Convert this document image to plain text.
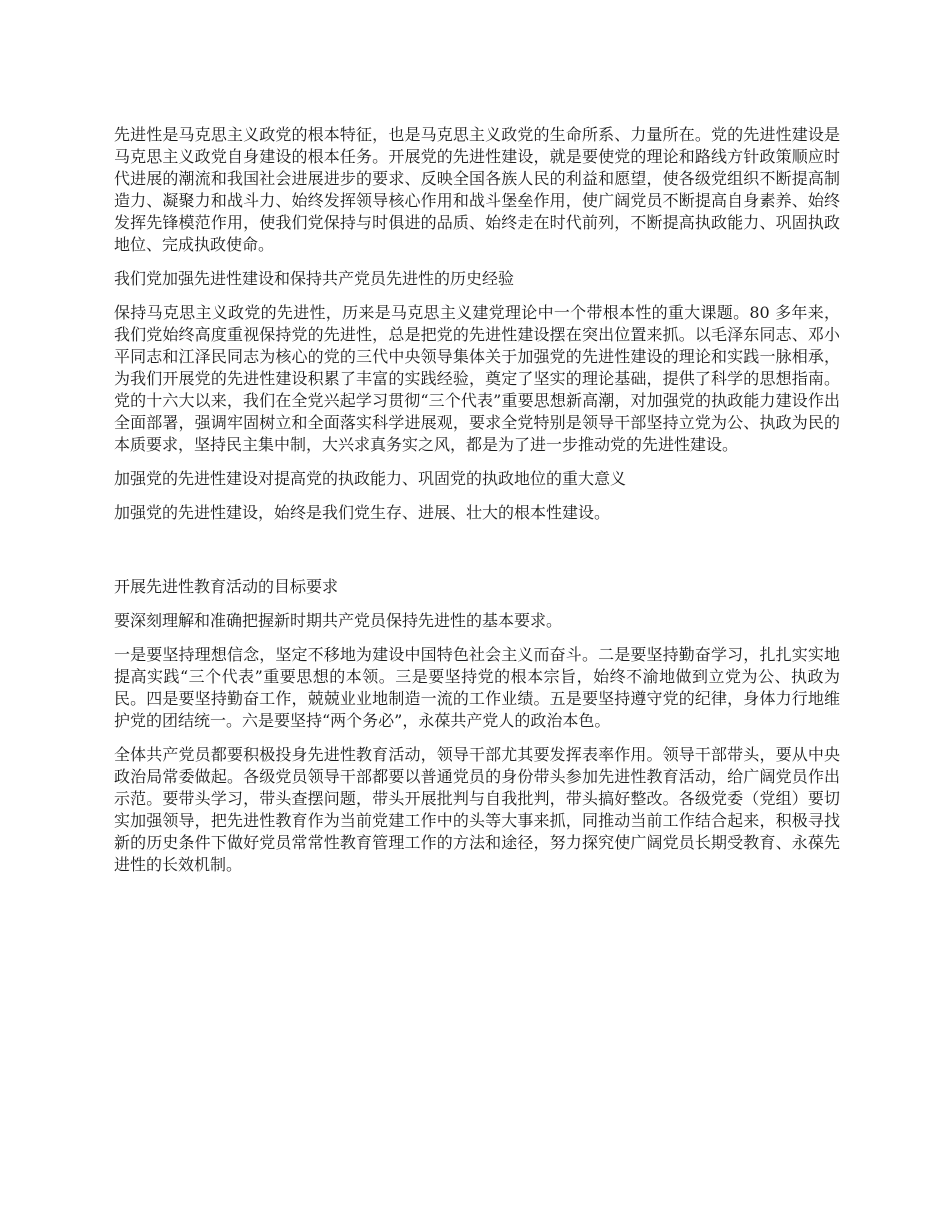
先进性是马克思主义政党的根本特征，也是马克思主义政党的生命所系、力量所在。党的先进性建设是马克思主义政党自身建设的根本任务。开展党的先进性建设，就是要使党的理论和路线方针政策顺应时代进展的潮流和我国社会进展进步的要求、反映全国各族人民的利益和愿望，使各级党组织不断提高制造力、凝聚力和战斗力、始终发挥领导核心作用和战斗堡垒作用，使广阔党员不断提高自身素养、始终发挥先锋模范作用，使我们党保持与时俱进的品质、始终走在时代前列，不断提高执政能力、巩固执政地位、完成执政使命。

我们党加强先进性建设和保持共产党员先进性的历史经验

保持马克思主义政党的先进性，历来是马克思主义建党理论中一个带根本性的重大课题。80 多年来，我们党始终高度重视保持党的先进性，总是把党的先进性建设摆在突出位置来抓。以毛泽东同志、邓小平同志和江泽民同志为核心的党的三代中央领导集体关于加强党的先进性建设的理论和实践一脉相承，为我们开展党的先进性建设积累了丰富的实践经验，奠定了坚实的理论基础，提供了科学的思想指南。党的十六大以来，我们在全党兴起学习贯彻“三个代表”重要思想新高潮，对加强党的执政能力建设作出全面部署，强调牢固树立和全面落实科学进展观，要求全党特别是领导干部坚持立党为公、执政为民的本质要求，坚持民主集中制，大兴求真务实之风，都是为了进一步推动党的先进性建设。

加强党的先进性建设对提高党的执政能力、巩固党的执政地位的重大意义

加强党的先进性建设，始终是我们党生存、进展、壮大的根本性建设。

开展先进性教育活动的目标要求

要深刻理解和准确把握新时期共产党员保持先进性的基本要求。

一是要坚持理想信念，坚定不移地为建设中国特色社会主义而奋斗。二是要坚持勤奋学习，扎扎实实地提高实践“三个代表”重要思想的本领。三是要坚持党的根本宗旨，始终不渝地做到立党为公、执政为民。四是要坚持勤奋工作，兢兢业业地制造一流的工作业绩。五是要坚持遵守党的纪律，身体力行地维护党的团结统一。六是要坚持“两个务必”，永葆共产党人的政治本色。

全体共产党员都要积极投身先进性教育活动，领导干部尤其要发挥表率作用。领导干部带头，要从中央政治局常委做起。各级党员领导干部都要以普通党员的身份带头参加先进性教育活动，给广阔党员作出示范。要带头学习，带头查摆问题，带头开展批判与自我批判，带头搞好整改。各级党委（党组）要切实加强领导，把先进性教育作为当前党建工作中的头等大事来抓，同推动当前工作结合起来，积极寻找新的历史条件下做好党员常常性教育管理工作的方法和途径，努力探究使广阔党员长期受教育、永葆先进性的长效机制。
